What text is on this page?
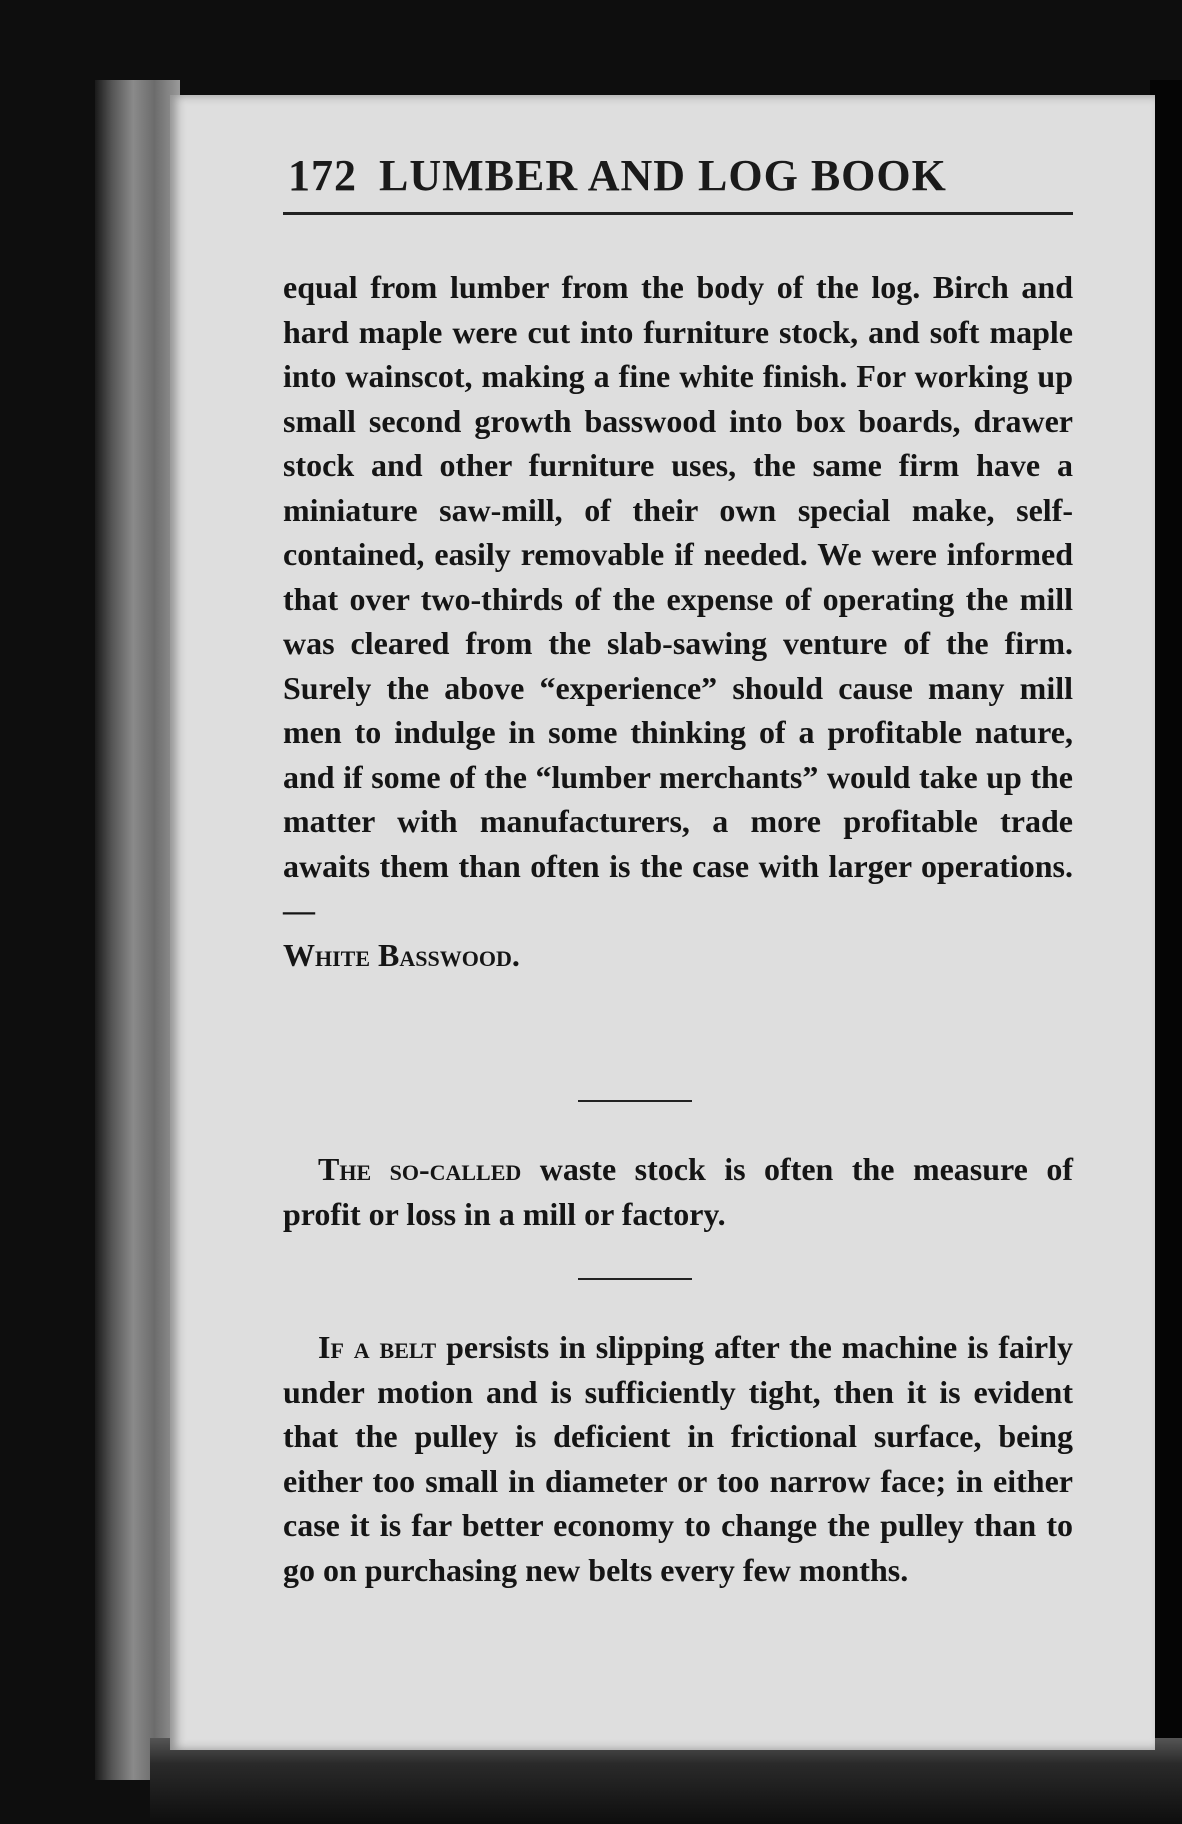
172 LUMBER AND LOG BOOK
equal from lumber from the body of the log. Birch and hard maple were cut into furniture stock, and soft maple into wainscot, making a fine white finish. For working up small second growth basswood into box boards, drawer stock and other furniture uses, the same firm have a miniature saw-mill, of their own special make, self-contained, easily removable if needed. We were informed that over two-thirds of the expense of operating the mill was cleared from the slab-sawing venture of the firm. Surely the above “experience” should cause many mill men to indulge in some thinking of a profitable nature, and if some of the “lumber merchants” would take up the matter with manufacturers, a more profitable trade awaits them than often is the case with larger operations.—
White Basswood.
The so-called waste stock is often the measure of profit or loss in a mill or factory.
If a belt persists in slipping after the machine is fairly under motion and is sufficiently tight, then it is evident that the pulley is deficient in frictional surface, being either too small in diameter or too narrow face; in either case it is far better economy to change the pulley than to go on purchasing new belts every few months.
